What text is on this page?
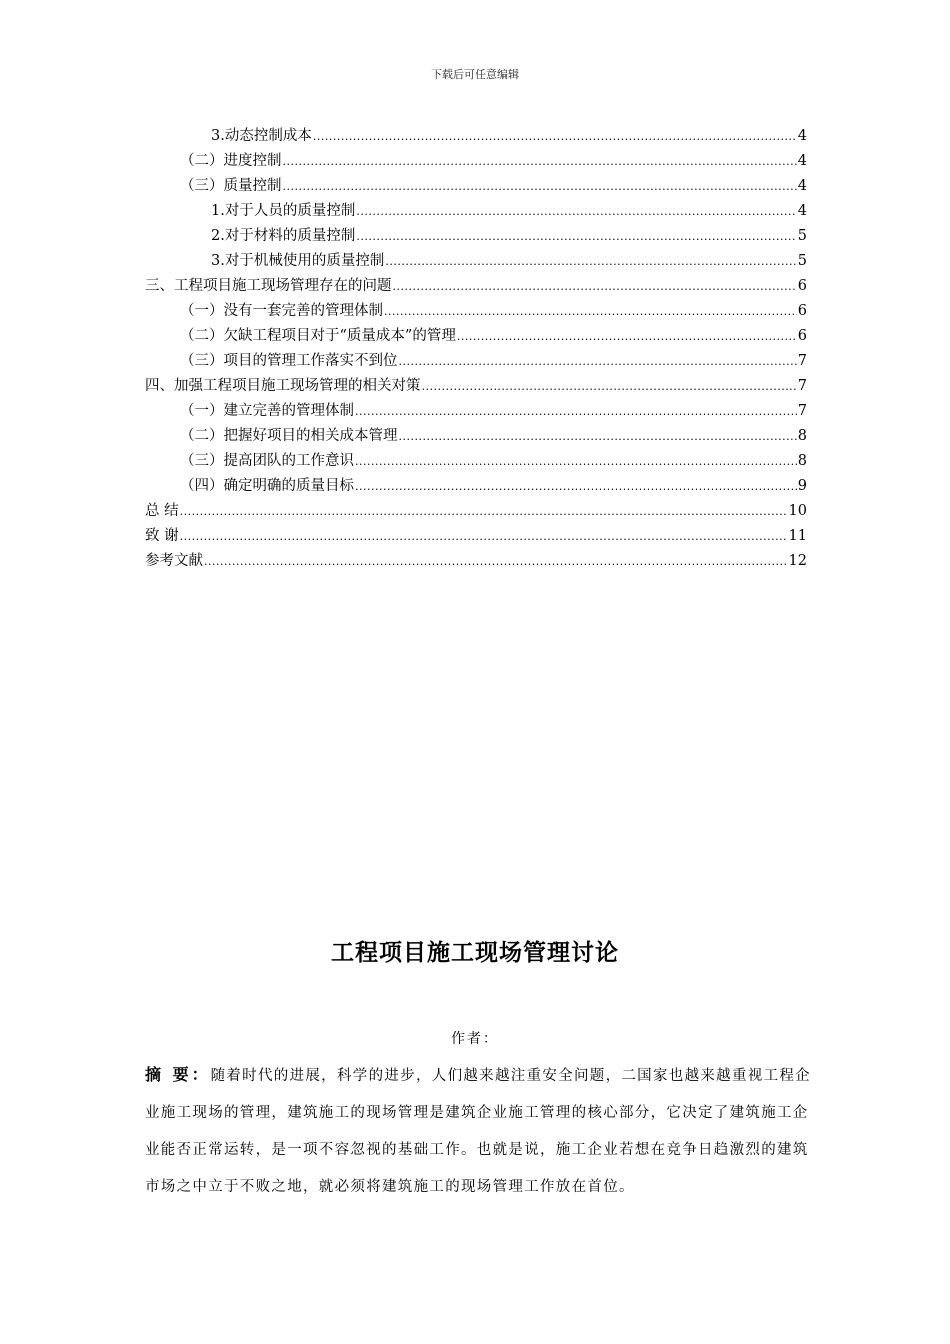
下载后可任意编辑
3.动态控制成本 .....	4
（二）进度控制 .....	4
（三）质量控制 .....	4
1.对于人员的质量控制 .....	4
2.对于材料的质量控制 .....	5
3.对于机械使用的质量控制 .....	5
三、工程项目施工现场管理存在的问题 .....	6
（一）没有一套完善的管理体制 .....	6
（二）欠缺工程项目对于“质量成本”的管理 .....	6
（三）项目的管理工作落实不到位 .....	7
四、加强工程项目施工现场管理的相关对策 .....	7
（一）建立完善的管理体制 .....	7
（二）把握好项目的相关成本管理 .....	8
（三）提高团队的工作意识 .....	8
（四）确定明确的质量目标 .....	9
总 结 .....	10
致 谢 .....	11
参考文献 .....	12
工程项目施工现场管理讨论
作者：
摘 要：随着时代的进展，科学的进步，人们越来越注重安全问题，二国家也越来越重视工程企业施工现场的管理，建筑施工的现场管理是建筑企业施工管理的核心部分，它决定了建筑施工企业能否正常运转，是一项不容忽视的基础工作。也就是说，施工企业若想在竞争日趋激烈的建筑市场之中立于不败之地，就必须将建筑施工的现场管理工作放在首位。
